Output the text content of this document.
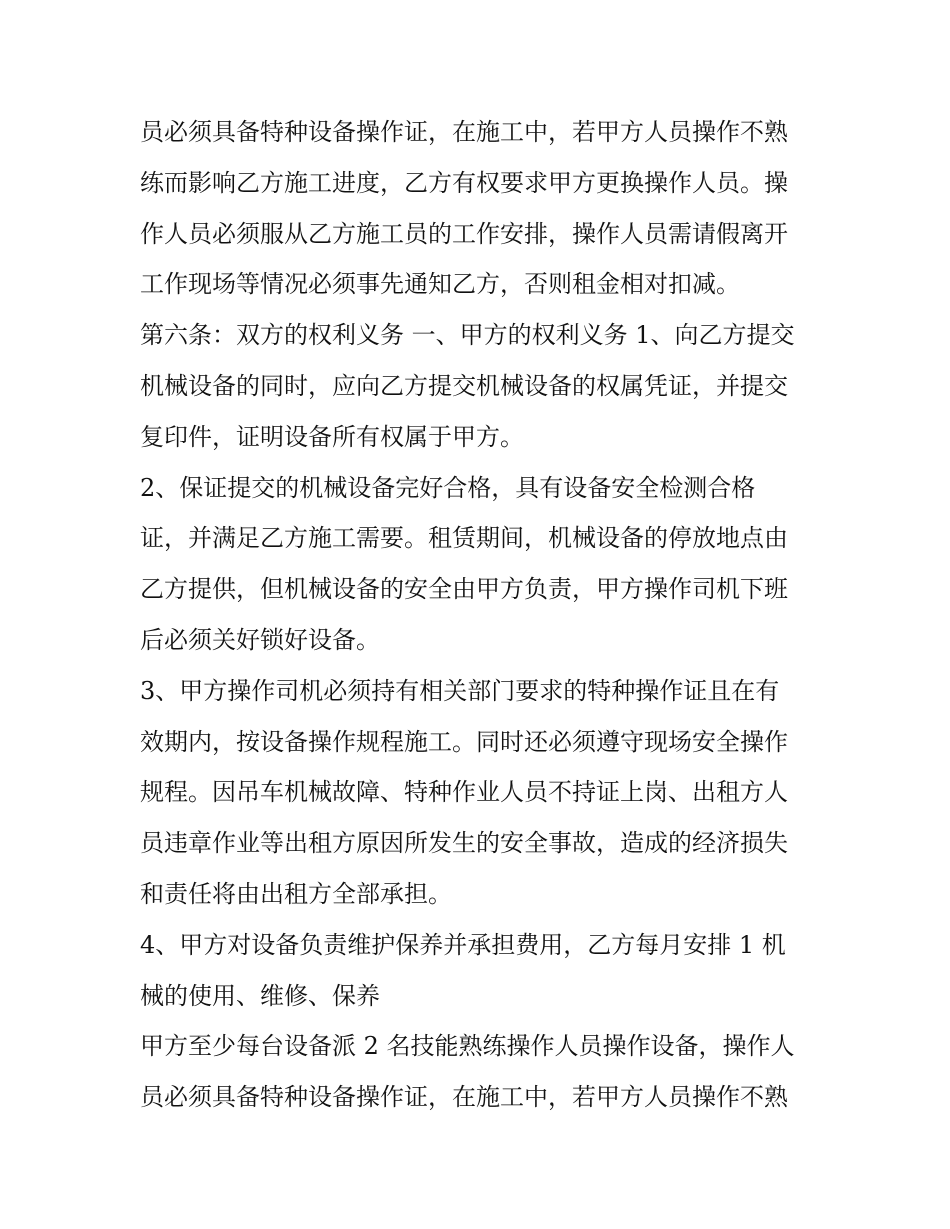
员必须具备特种设备操作证，在施工中，若甲方人员操作不熟
练而影响乙方施工进度，乙方有权要求甲方更换操作人员。操
作人员必须服从乙方施工员的工作安排，操作人员需请假离开
工作现场等情况必须事先通知乙方，否则租金相对扣减。
第六条：双方的权利义务 一、甲方的权利义务 1、向乙方提交
机械设备的同时，应向乙方提交机械设备的权属凭证，并提交
复印件，证明设备所有权属于甲方。
2、保证提交的机械设备完好合格，具有设备安全检测合格
证，并满足乙方施工需要。租赁期间，机械设备的停放地点由
乙方提供，但机械设备的安全由甲方负责，甲方操作司机下班
后必须关好锁好设备。
3、甲方操作司机必须持有相关部门要求的特种操作证且在有
效期内，按设备操作规程施工。同时还必须遵守现场安全操作
规程。因吊车机械故障、特种作业人员不持证上岗、出租方人
员违章作业等出租方原因所发生的安全事故，造成的经济损失
和责任将由出租方全部承担。
4、甲方对设备负责维护保养并承担费用，乙方每月安排 1 机
械的使用、维修、保养
甲方至少每台设备派 2 名技能熟练操作人员操作设备，操作人
员必须具备特种设备操作证，在施工中，若甲方人员操作不熟
